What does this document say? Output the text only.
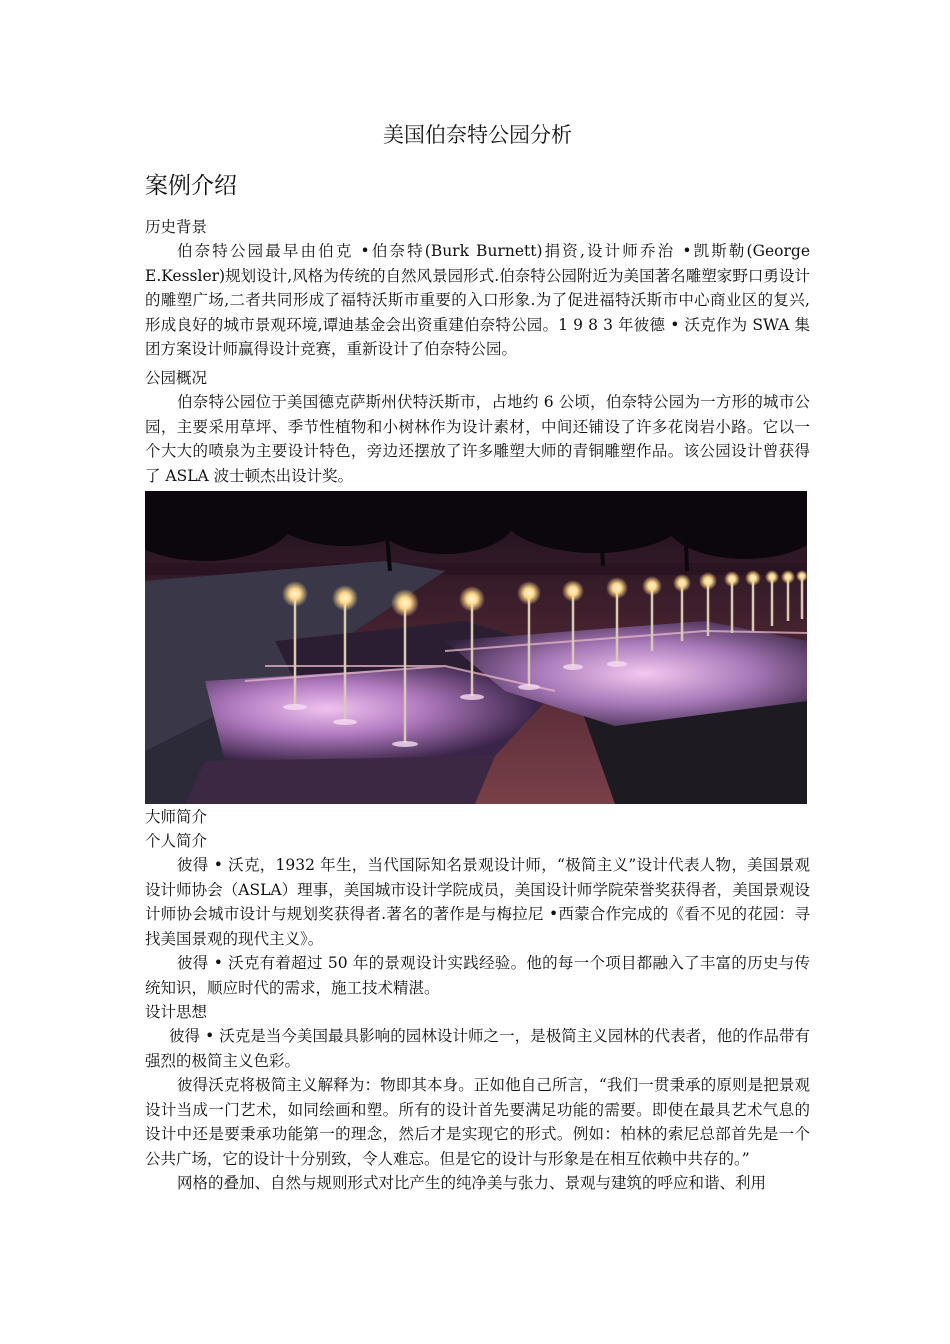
美国伯奈特公园分析
案例介绍
历史背景
伯奈特公园最早由伯克 •伯奈特(Burk Burnett)捐资,设计师乔治 •凯斯勒(George E.Kessler)规划设计,风格为传统的自然风景园形式.伯奈特公园附近为美国著名雕塑家野口勇设计的雕塑广场,二者共同形成了福特沃斯市重要的入口形象.为了促进福特沃斯市中心商业区的复兴,形成良好的城市景观环境,谭迪基金会出资重建伯奈特公园。1 9 8 3 年彼德 • 沃克作为 SWA 集团方案设计师赢得设计竞赛，重新设计了伯奈特公园。
公园概况
伯奈特公园位于美国德克萨斯州伏特沃斯市，占地约 6 公顷，伯奈特公园为一方形的城市公园，主要采用草坪、季节性植物和小树林作为设计素材，中间还铺设了许多花岗岩小路。它以一个大大的喷泉为主要设计特色，旁边还摆放了许多雕塑大师的青铜雕塑作品。该公园设计曾获得了 ASLA 波士顿杰出设计奖。
大师简介
个人简介
彼得 • 沃克，1932 年生，当代国际知名景观设计师，“极简主义”设计代表人物，美国景观设计师协会（ASLA）理事，美国城市设计学院成员，美国设计师学院荣誉奖获得者，美国景观设计师协会城市设计与规划奖获得者.著名的著作是与梅拉尼 •西蒙合作完成的《看不见的花园：寻找美国景观的现代主义》。
彼得 • 沃克有着超过 50 年的景观设计实践经验。他的每一个项目都融入了丰富的历史与传统知识，顺应时代的需求，施工技术精湛。
设计思想
彼得 • 沃克是当今美国最具影响的园林设计师之一，是极简主义园林的代表者，他的作品带有强烈的极简主义色彩。
彼得沃克将极简主义解释为：物即其本身。正如他自己所言，“我们一贯秉承的原则是把景观设计当成一门艺术，如同绘画和塑。所有的设计首先要满足功能的需要。即使在最具艺术气息的设计中还是要秉承功能第一的理念，然后才是实现它的形式。例如：柏林的索尼总部首先是一个公共广场，它的设计十分别致，令人难忘。但是它的设计与形象是在相互依赖中共存的。”
网格的叠加、自然与规则形式对比产生的纯净美与张力、景观与建筑的呼应和谐、利用
